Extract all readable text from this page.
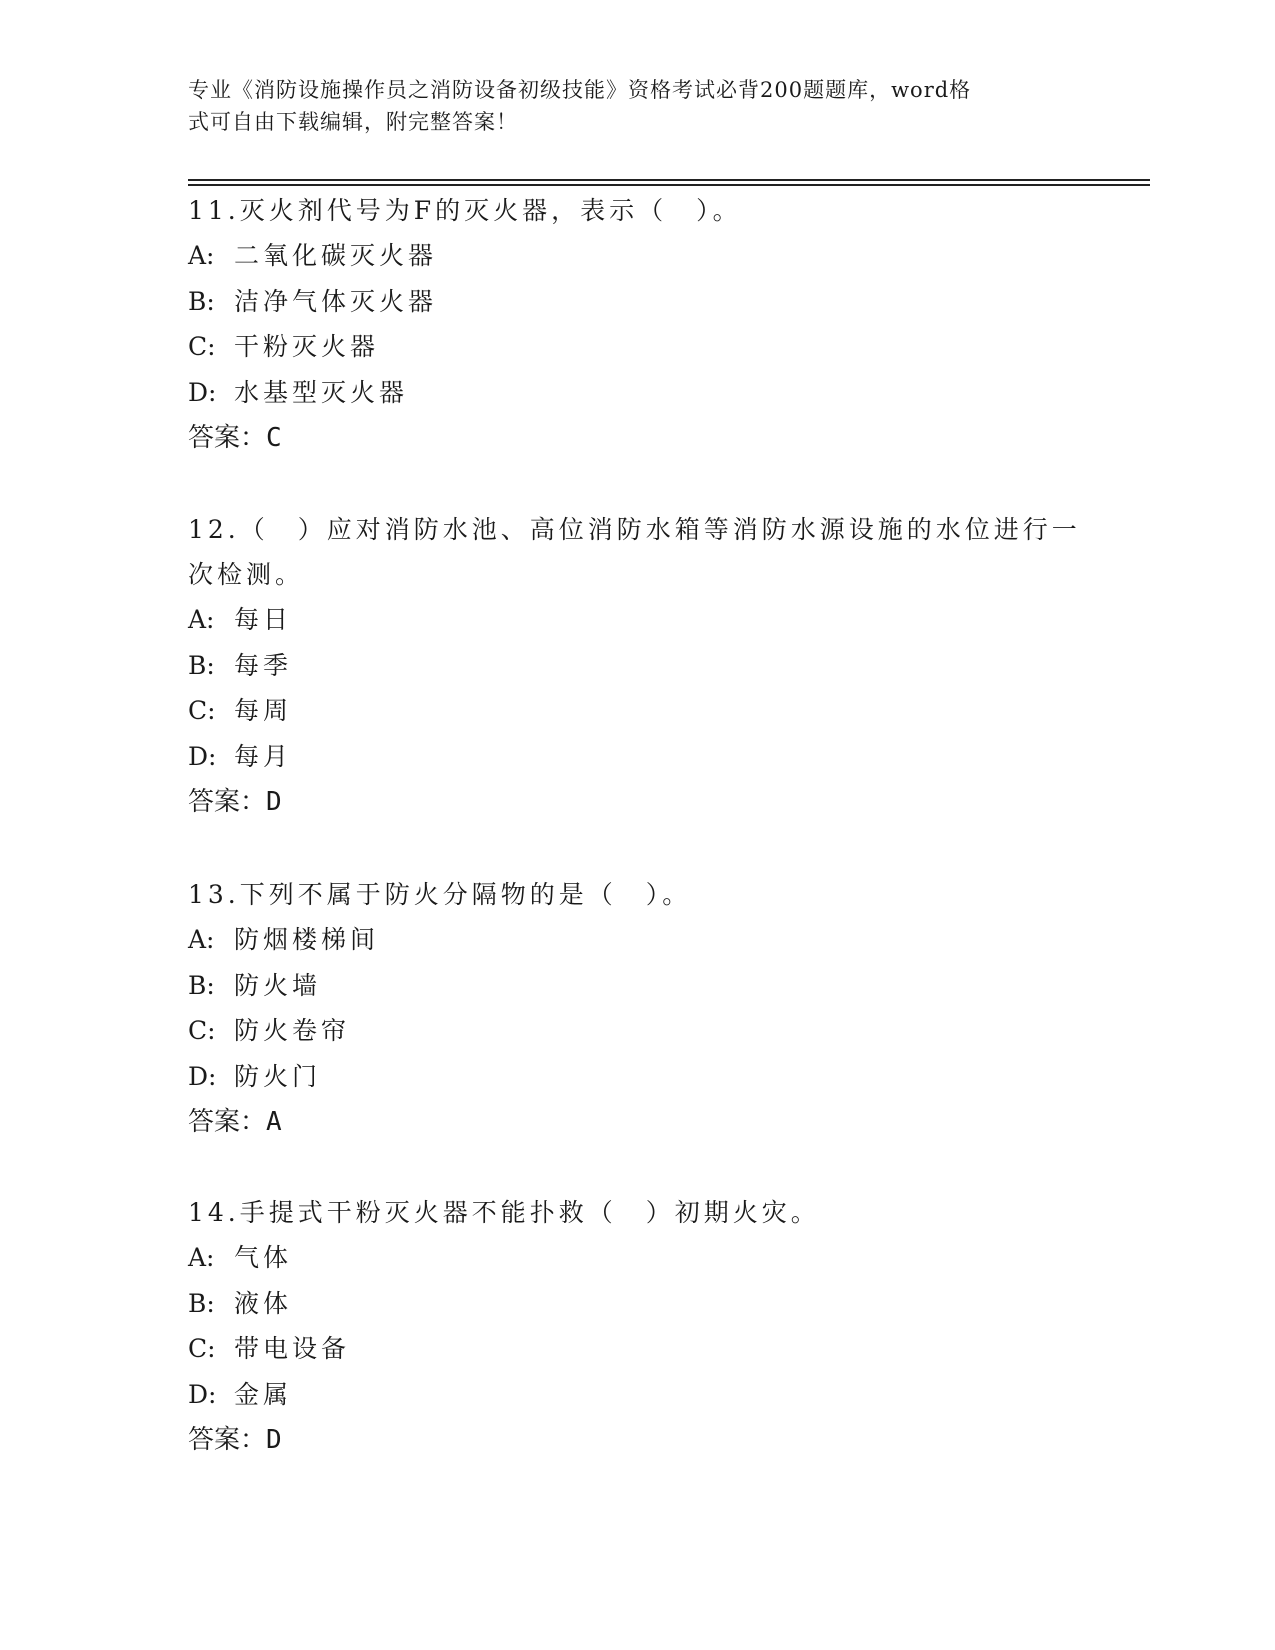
专业《消防设施操作员之消防设备初级技能》资格考试必背200题题库，word格
式可自由下载编辑，附完整答案！

11.灭火剂代号为F的灭火器，表示（　）。

A: 二氧化碳灭火器

B: 洁净气体灭火器

C: 干粉灭火器

D: 水基型灭火器

答案：C

12.（　）应对消防水池、高位消防水箱等消防水源设施的水位进行一次检测。

A: 每日

B: 每季

C: 每周

D: 每月

答案：D

13.下列不属于防火分隔物的是（　）。

A: 防烟楼梯间

B: 防火墙

C: 防火卷帘

D: 防火门

答案：A

14.手提式干粉灭火器不能扑救（　）初期火灾。

A: 气体

B: 液体

C: 带电设备

D: 金属

答案：D
